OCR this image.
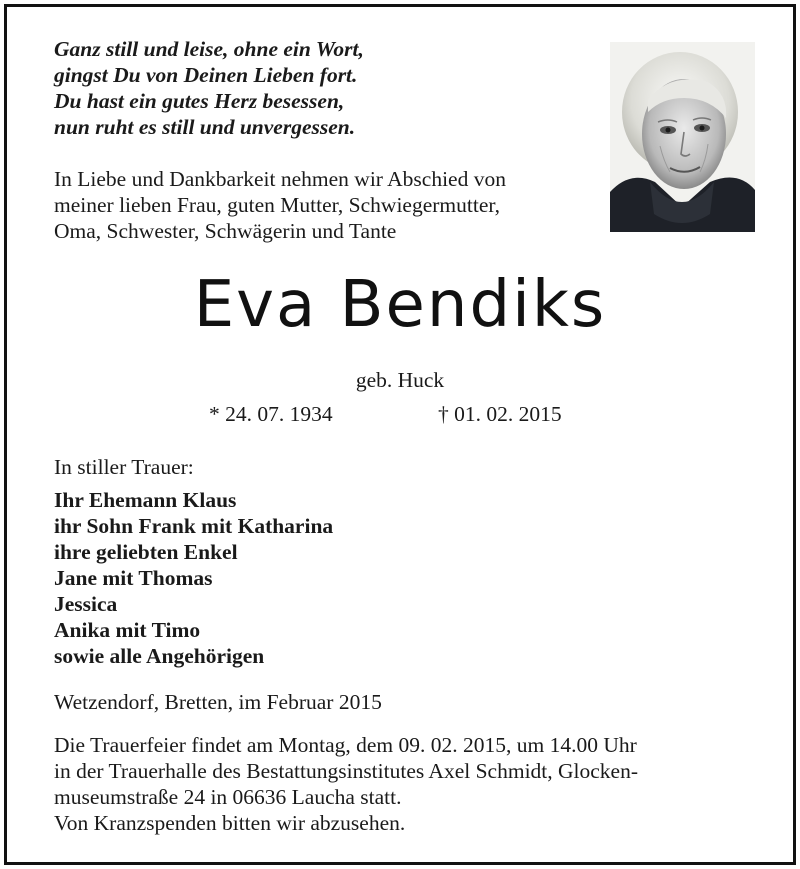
Ganz still und leise, ohne ein Wort,
gingst Du von Deinen Lieben fort.
Du hast ein gutes Herz besessen,
nun ruht es still und unvergessen.
In Liebe und Dankbarkeit nehmen wir Abschied von
meiner lieben Frau, guten Mutter, Schwiegermutter,
Oma, Schwester, Schwägerin und Tante
Eva Bendiks
geb. Huck
* 24. 07. 1934	† 01. 02. 2015
In stiller Trauer:
Ihr Ehemann Klaus
ihr Sohn Frank mit Katharina
ihre geliebten Enkel
Jane mit Thomas
Jessica
Anika mit Timo
sowie alle Angehörigen
Wetzendorf, Bretten, im Februar 2015
Die Trauerfeier findet am Montag, dem 09. 02. 2015, um 14.00 Uhr
in der Trauerhalle des Bestattungsinstitutes Axel Schmidt, Glocken-
museumstraße 24 in 06636 Laucha statt.
Von Kranzspenden bitten wir abzusehen.
